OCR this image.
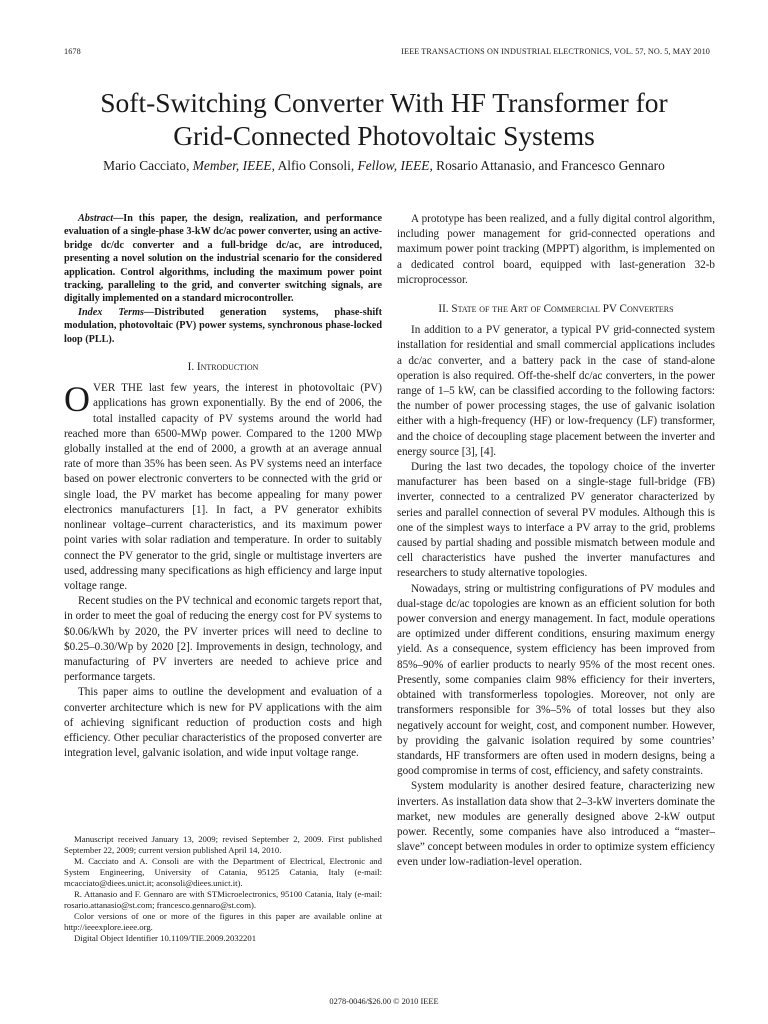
1678	IEEE TRANSACTIONS ON INDUSTRIAL ELECTRONICS, VOL. 57, NO. 5, MAY 2010
Soft-Switching Converter With HF Transformer for
Grid-Connected Photovoltaic Systems
Mario Cacciato, Member, IEEE, Alfio Consoli, Fellow, IEEE, Rosario Attanasio, and Francesco Gennaro

Abstract—In this paper, the design, realization, and performance evaluation of a single-phase 3-kW dc/ac power converter, using an active-bridge dc/dc converter and a full-bridge dc/ac, are introduced, presenting a novel solution on the industrial scenario for the considered application. Control algorithms, including the maximum power point tracking, paralleling to the grid, and converter switching signals, are digitally implemented on a standard microcontroller.

Index Terms—Distributed generation systems, phase-shift modulation, photovoltaic (PV) power systems, synchronous phase-locked loop (PLL).

I. Introduction

OVER THE last few years, the interest in photovoltaic (PV) applications has grown exponentially. By the end of 2006, the total installed capacity of PV systems around the world had reached more than 6500-MWp power. Compared to the 1200 MWp globally installed at the end of 2000, a growth at an average annual rate of more than 35% has been seen. As PV systems need an interface based on power electronic converters to be connected with the grid or single load, the PV market has become appealing for many power electronics manufacturers [1]. In fact, a PV generator exhibits nonlinear voltage–current characteristics, and its maximum power point varies with solar radiation and temperature. In order to suitably connect the PV generator to the grid, single or multistage inverters are used, addressing many specifications as high efficiency and large input voltage range.

Recent studies on the PV technical and economic targets report that, in order to meet the goal of reducing the energy cost for PV systems to $0.06/kWh by 2020, the PV inverter prices will need to decline to $0.25–0.30/Wp by 2020 [2]. Improvements in design, technology, and manufacturing of PV inverters are needed to achieve price and performance targets.

This paper aims to outline the development and evaluation of a converter architecture which is new for PV applications with the aim of achieving significant reduction of production costs and high efficiency. Other peculiar characteristics of the proposed converter are integration level, galvanic isolation, and wide input voltage range.

Manuscript received January 13, 2009; revised September 2, 2009. First published September 22, 2009; current version published April 14, 2010.

M. Cacciato and A. Consoli are with the Department of Electrical, Electronic and System Engineering, University of Catania, 95125 Catania, Italy (e-mail: mcacciato@diees.unict.it; aconsoli@diees.unict.it).

R. Attanasio and F. Gennaro are with STMicroelectronics, 95100 Catania, Italy (e-mail: rosario.attanasio@st.com; francesco.gennaro@st.com).

Color versions of one or more of the figures in this paper are available online at http://ieeexplore.ieee.org.

Digital Object Identifier 10.1109/TIE.2009.2032201

A prototype has been realized, and a fully digital control algorithm, including power management for grid-connected operations and maximum power point tracking (MPPT) algorithm, is implemented on a dedicated control board, equipped with last-generation 32-b microprocessor.

II. State of the Art of Commercial PV Converters

In addition to a PV generator, a typical PV grid-connected system installation for residential and small commercial applications includes a dc/ac converter, and a battery pack in the case of stand-alone operation is also required. Off-the-shelf dc/ac converters, in the power range of 1–5 kW, can be classified according to the following factors: the number of power processing stages, the use of galvanic isolation either with a high-frequency (HF) or low-frequency (LF) transformer, and the choice of decoupling stage placement between the inverter and energy source [3], [4].

During the last two decades, the topology choice of the inverter manufacturer has been based on a single-stage full-bridge (FB) inverter, connected to a centralized PV generator characterized by series and parallel connection of several PV modules. Although this is one of the simplest ways to interface a PV array to the grid, problems caused by partial shading and possible mismatch between module and cell characteristics have pushed the inverter manufactures and researchers to study alternative topologies.

Nowadays, string or multistring configurations of PV modules and dual-stage dc/ac topologies are known as an efficient solution for both power conversion and energy management. In fact, module operations are optimized under different conditions, ensuring maximum energy yield. As a consequence, system efficiency has been improved from 85%–90% of earlier products to nearly 95% of the most recent ones. Presently, some companies claim 98% efficiency for their inverters, obtained with transformerless topologies. Moreover, not only are transformers responsible for 3%–5% of total losses but they also negatively account for weight, cost, and component number. However, by providing the galvanic isolation required by some countries’ standards, HF transformers are often used in modern designs, being a good compromise in terms of cost, efficiency, and safety constraints.

System modularity is another desired feature, characterizing new inverters. As installation data show that 2–3-kW inverters dominate the market, new modules are generally designed above 2-kW output power. Recently, some companies have also introduced a “master–slave” concept between modules in order to optimize system efficiency even under low-radiation-level operation.

0278-0046/$26.00 © 2010 IEEE
